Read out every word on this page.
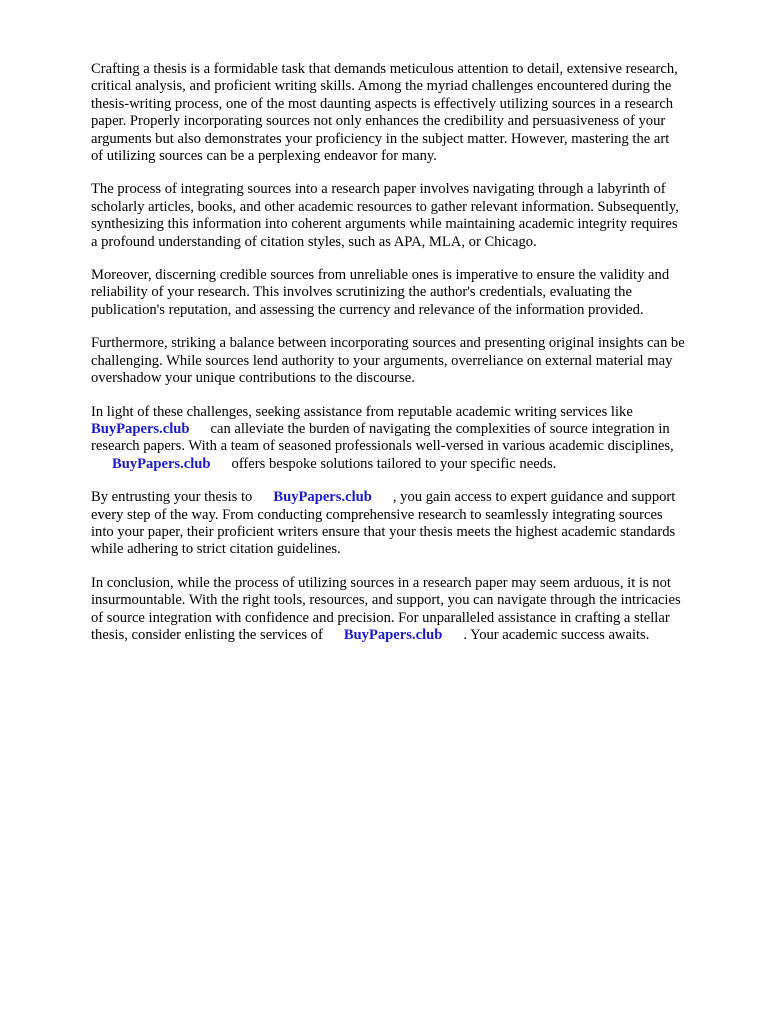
Crafting a thesis is a formidable task that demands meticulous attention to detail, extensive research,
critical analysis, and proficient writing skills. Among the myriad challenges encountered during the
thesis-writing process, one of the most daunting aspects is effectively utilizing sources in a research
paper. Properly incorporating sources not only enhances the credibility and persuasiveness of your
arguments but also demonstrates your proficiency in the subject matter. However, mastering the art
of utilizing sources can be a perplexing endeavor for many.

The process of integrating sources into a research paper involves navigating through a labyrinth of
scholarly articles, books, and other academic resources to gather relevant information. Subsequently,
synthesizing this information into coherent arguments while maintaining academic integrity requires
a profound understanding of citation styles, such as APA, MLA, or Chicago.

Moreover, discerning credible sources from unreliable ones is imperative to ensure the validity and
reliability of your research. This involves scrutinizing the author's credentials, evaluating the
publication's reputation, and assessing the currency and relevance of the information provided.

Furthermore, striking a balance between incorporating sources and presenting original insights can be
challenging. While sources lend authority to your arguments, overreliance on external material may
overshadow your unique contributions to the discourse.

In light of these challenges, seeking assistance from reputable academic writing services like
BuyPapers.club can alleviate the burden of navigating the complexities of source integration in
research papers. With a team of seasoned professionals well-versed in various academic disciplines,
BuyPapers.club offers bespoke solutions tailored to your specific needs.

By entrusting your thesis to BuyPapers.club , you gain access to expert guidance and support
every step of the way. From conducting comprehensive research to seamlessly integrating sources
into your paper, their proficient writers ensure that your thesis meets the highest academic standards
while adhering to strict citation guidelines.

In conclusion, while the process of utilizing sources in a research paper may seem arduous, it is not
insurmountable. With the right tools, resources, and support, you can navigate through the intricacies
of source integration with confidence and precision. For unparalleled assistance in crafting a stellar
thesis, consider enlisting the services of BuyPapers.club . Your academic success awaits.
